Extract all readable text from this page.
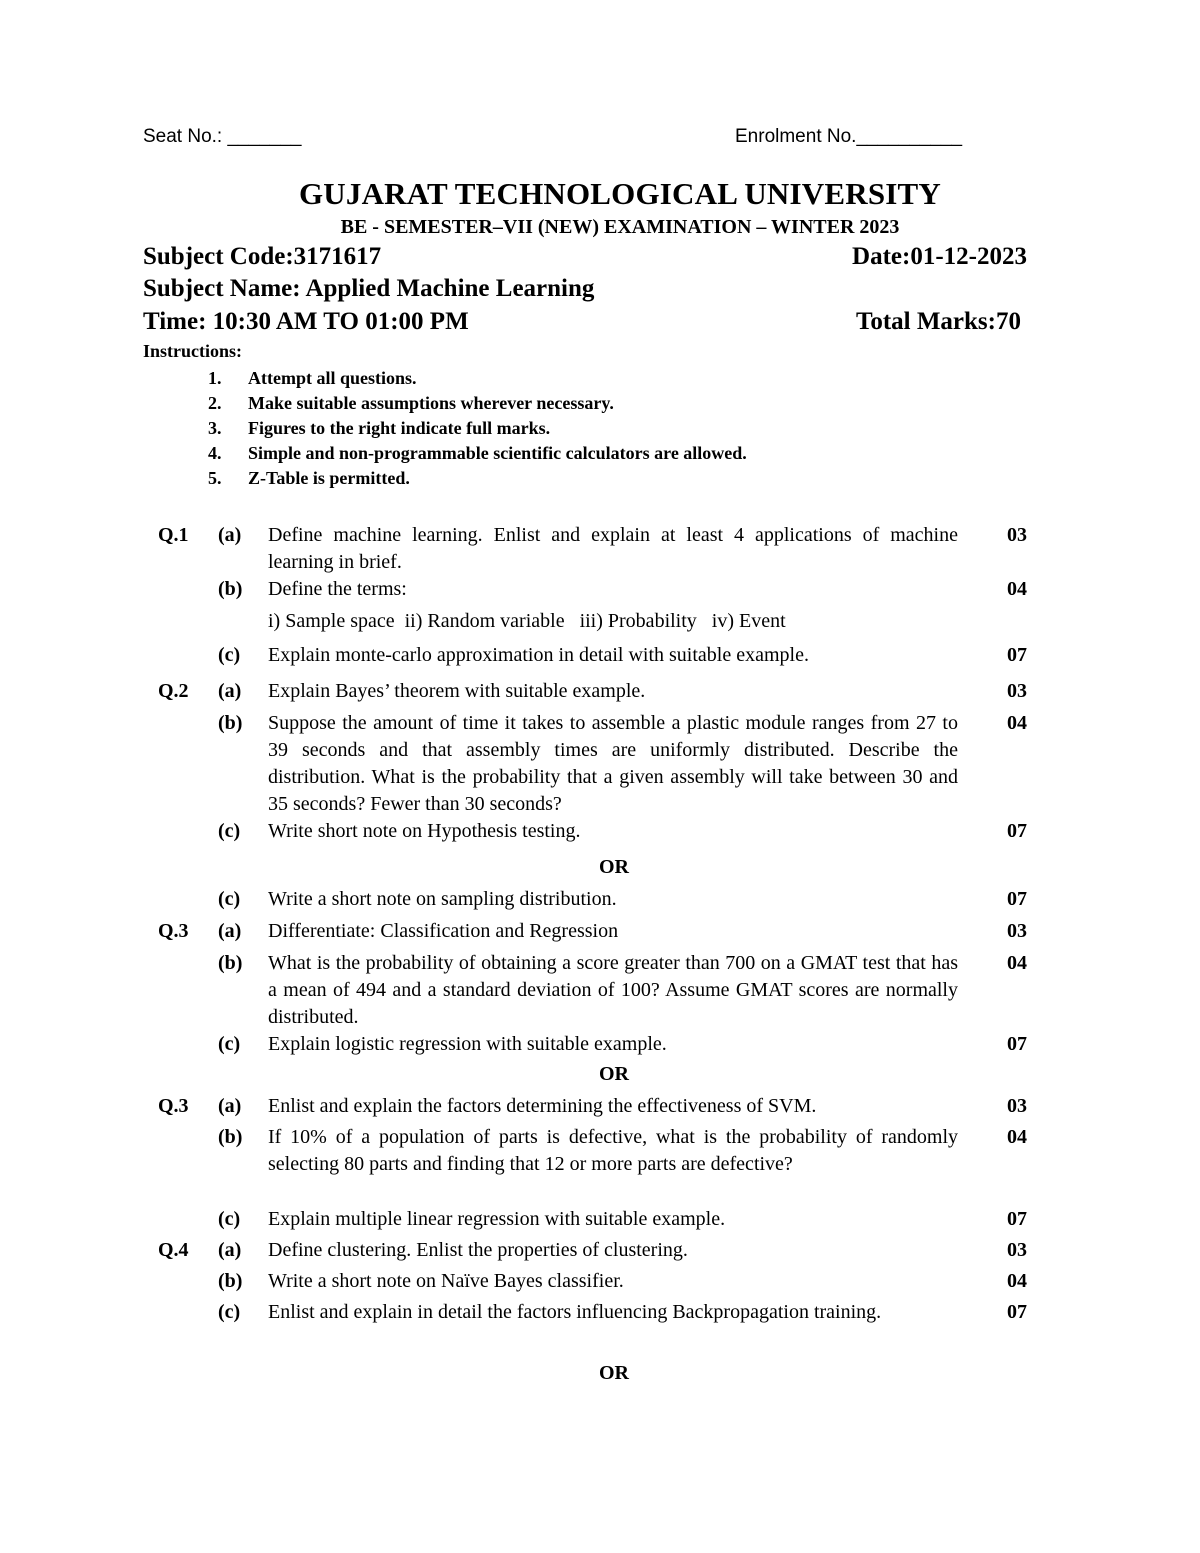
Seat No.: _______	Enrolment No.__________
GUJARAT TECHNOLOGICAL UNIVERSITY
BE - SEMESTER–VII (NEW) EXAMINATION – WINTER 2023
Subject Code:3171617	Date:01-12-2023
Subject Name: Applied Machine Learning
Time: 10:30 AM TO 01:00 PM	Total Marks:70
Instructions:
1. Attempt all questions.
2. Make suitable assumptions wherever necessary.
3. Figures to the right indicate full marks.
4. Simple and non-programmable scientific calculators are allowed.
5. Z-Table is permitted.
Q.1 (a) Define machine learning. Enlist and explain at least 4 applications of machine learning in brief.
03
(b) Define the terms:
i) Sample space  ii) Random variable   iii) Probability   iv) Event
04
(c) Explain monte-carlo approximation in detail with suitable example.	07
Q.2 (a) Explain Bayes’ theorem with suitable example.	03
(b) Suppose the amount of time it takes to assemble a plastic module ranges from 27 to 39 seconds and that assembly times are uniformly distributed. Describe the distribution. What is the probability that a given assembly will take between 30 and 35 seconds? Fewer than 30 seconds?
04
(c) Write short note on Hypothesis testing.	07
OR
(c) Write a short note on sampling distribution.	07
Q.3 (a) Differentiate: Classification and Regression	03
(b) What is the probability of obtaining a score greater than 700 on a GMAT test that has a mean of 494 and a standard deviation of 100? Assume GMAT scores are normally distributed.
04
(c) Explain logistic regression with suitable example.	07
OR
Q.3 (a) Enlist and explain the factors determining the effectiveness of SVM.	03
(b) If 10% of a population of parts is defective, what is the probability of randomly selecting 80 parts and finding that 12 or more parts are defective?
04
(c) Explain multiple linear regression with suitable example.	07
Q.4 (a) Define clustering. Enlist the properties of clustering.	03
(b) Write a short note on Naïve Bayes classifier.	04
(c) Enlist and explain in detail the factors influencing Backpropagation training.	07
OR
